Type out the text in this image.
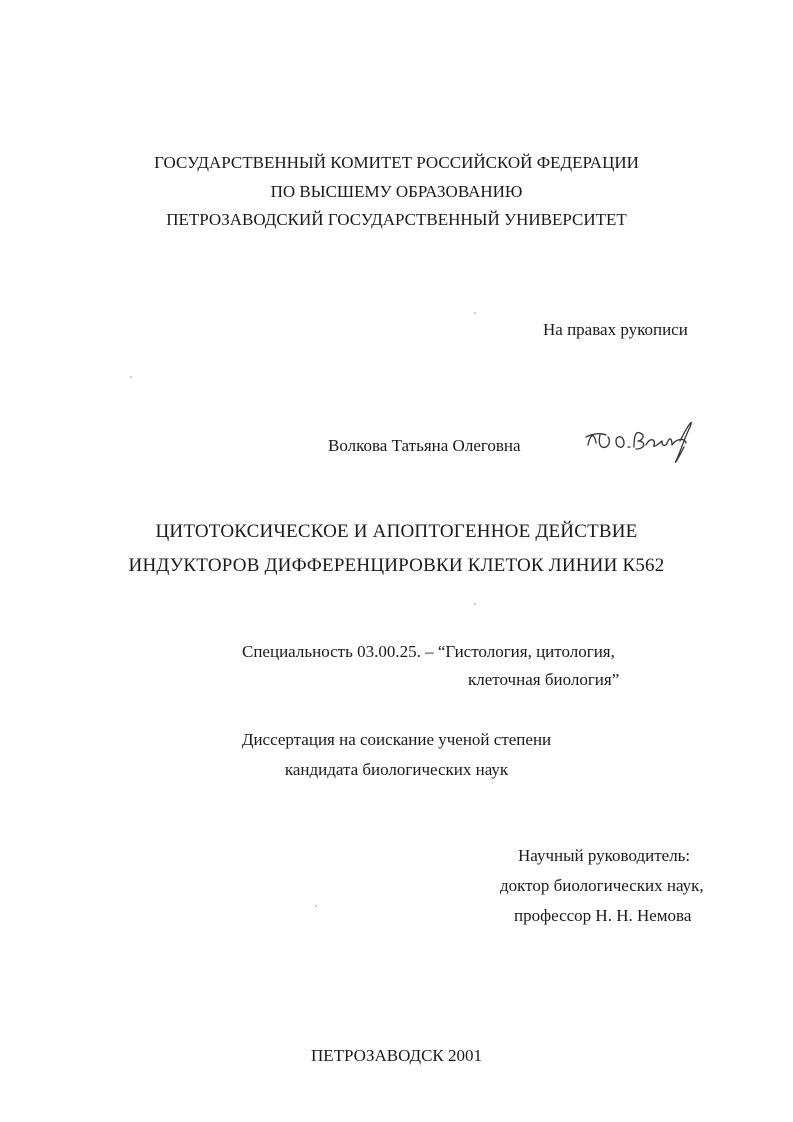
ГОСУДАРСТВЕННЫЙ КОМИТЕТ РОССИЙСКОЙ ФЕДЕРАЦИИ
ПО ВЫСШЕМУ ОБРАЗОВАНИЮ
ПЕТРОЗАВОДСКИЙ ГОСУДАРСТВЕННЫЙ УНИВЕРСИТЕТ
На правах рукописи
Волкова Татьяна Олеговна
ЦИТОТОКСИЧЕСКОЕ И АПОПТОГЕННОЕ ДЕЙСТВИЕ
ИНДУКТОРОВ ДИФФЕРЕНЦИРОВКИ КЛЕТОК ЛИНИИ К562
Специальность 03.00.25. – “Гистология, цитология,
клеточная биология”
Диссертация на соискание ученой степени
кандидата биологических наук
Научный руководитель:
доктор биологических наук,
профессор Н. Н. Немова
ПЕТРОЗАВОДСК 2001
